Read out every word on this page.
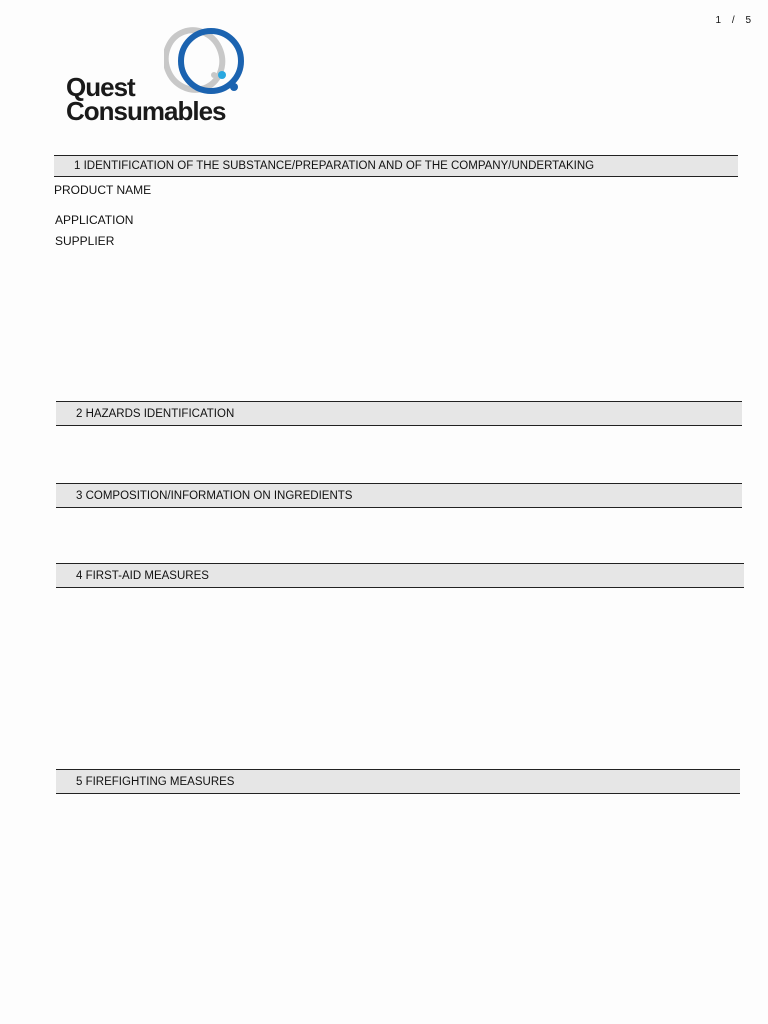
1 / 5
Quest
Consumables
1 IDENTIFICATION OF THE SUBSTANCE/PREPARATION AND OF THE COMPANY/UNDERTAKING
PRODUCT NAME
APPLICATION
SUPPLIER
2 HAZARDS IDENTIFICATION
3 COMPOSITION/INFORMATION ON INGREDIENTS
4 FIRST-AID MEASURES
5 FIREFIGHTING MEASURES
